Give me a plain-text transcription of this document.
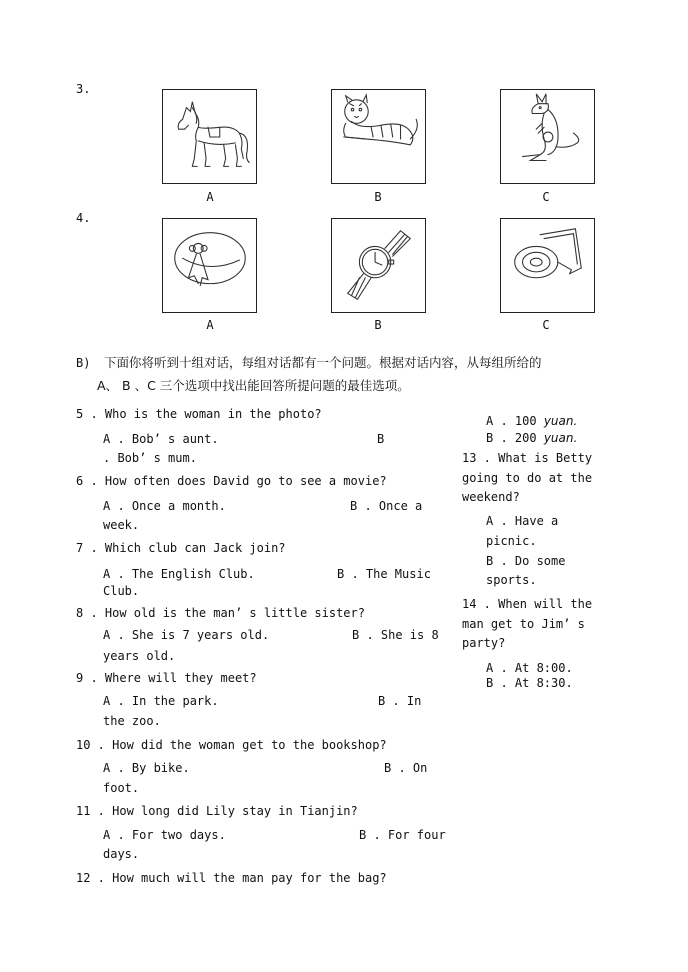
3.
A	B	C
4.
A	B	C
B) 下面你将听到十组对话，每组对话都有一个问题。根据对话内容，从每组所给的
A、 B 、C 三个选项中找出能回答所提问题的最佳选项。
5 . Who is the woman in the photo?
A . Bob’ s aunt.	B
. Bob’ s mum.
6 . How often does David go to see a movie?
A . Once a month.	B . Once a
week.
7 . Which club can Jack join?
A . The English Club.	B . The Music
Club.
8 . How old is the man’ s little sister?
A . She is 7 years old.	B . She is 8
years old.
9 . Where will they meet?
A . In the park.	B . In
the zoo.
10 . How did the woman get to the bookshop?
A . By bike.	B . On
foot.
11 . How long did Lily stay in Tianjin?
A . For two days.	B . For four
days.
12 . How much will the man pay for the bag?
A . 100 yuan.
B . 200 yuan.
13 . What is Betty
going to do at the
weekend?
A . Have a
picnic.
B . Do some
sports.
14 . When will the
man get to Jim’ s
party?
A . At 8:00.
B . At 8:30.
